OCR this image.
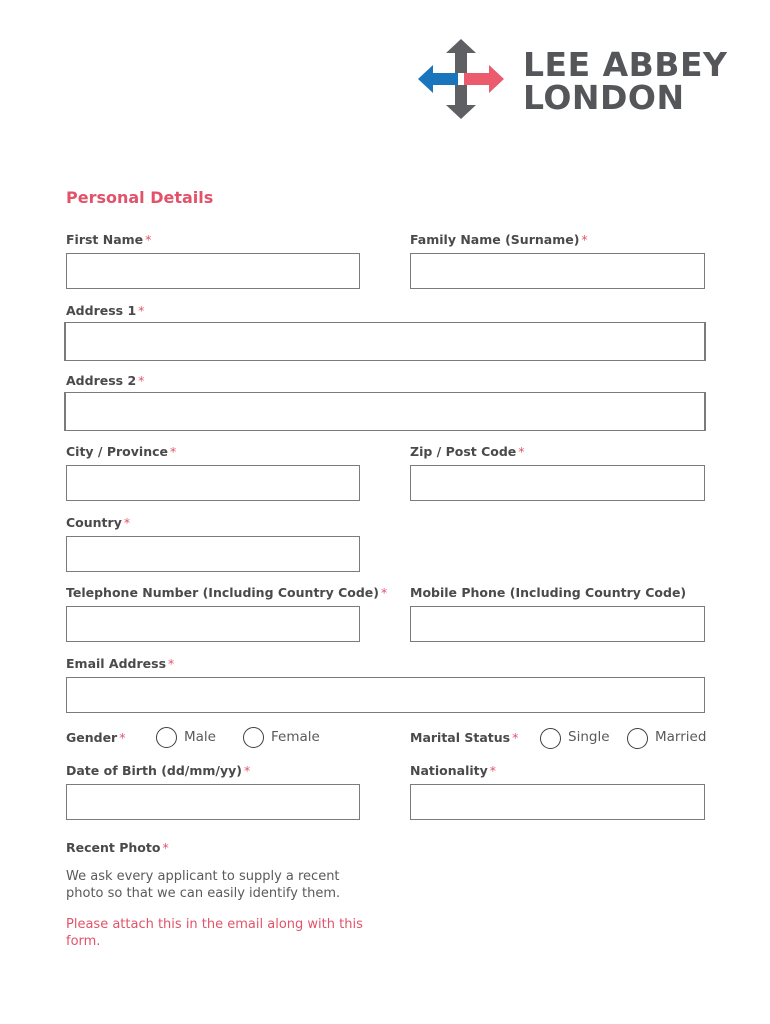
LEE ABBEY
LONDON
Personal Details
First Name *	Family Name (Surname) *
Address 1 *
Address 2 *
City / Province *	Zip / Post Code *
Country *
Telephone Number (Including Country Code) * Mobile Phone (Including Country Code)
Email Address *
Gender *	Male	Female	Marital Status *	Single	Married
Date of Birth (dd/mm/yy) *	Nationality *
Recent Photo *
We ask every applicant to supply a recent photo so that we can easily identify them.
Please attach this in the email along with this form.
